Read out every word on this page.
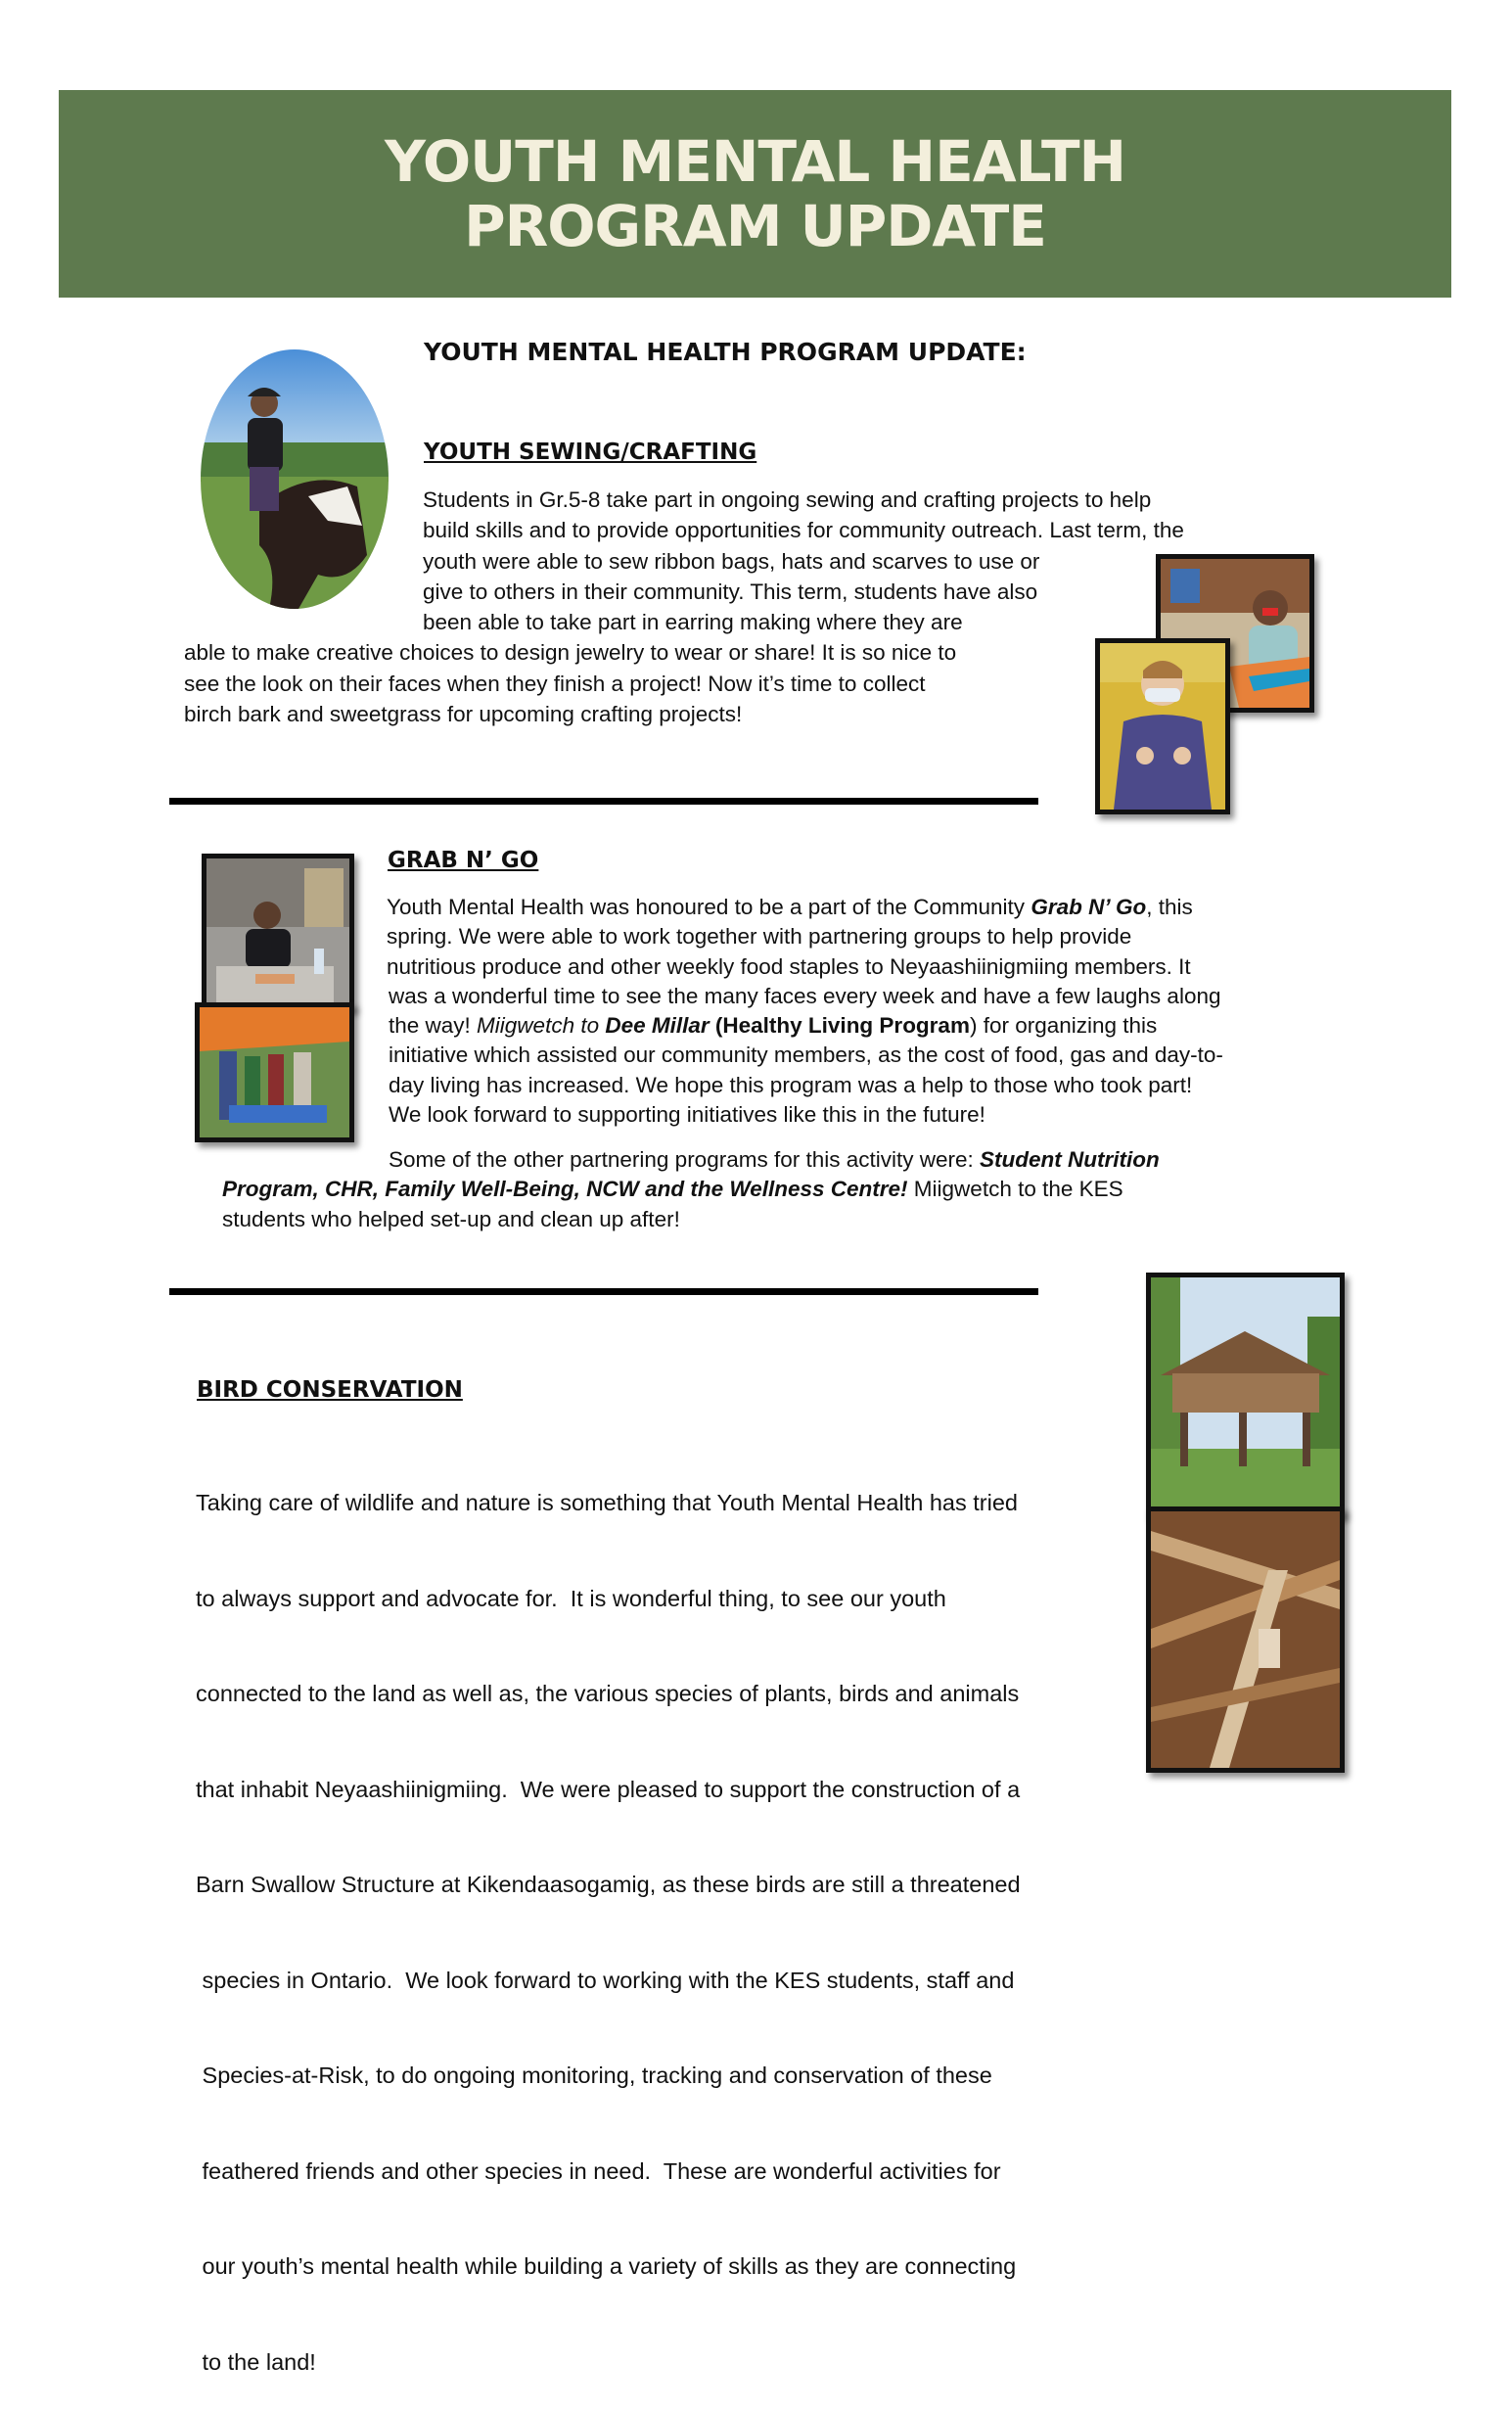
YOUTH MENTAL HEALTH
PROGRAM UPDATE
YOUTH MENTAL HEALTH PROGRAM UPDATE:
YOUTH SEWING/CRAFTING
Students in Gr.5-8 take part in ongoing sewing and crafting projects to help
build skills and to provide opportunities for community outreach. Last term, the
youth were able to sew ribbon bags, hats and scarves to use or
give to others in their community. This term, students have also
been able to take part in earring making where they are
able to make creative choices to design jewelry to wear or share! It is so nice to
see the look on their faces when they finish a project! Now it’s time to collect
birch bark and sweetgrass for upcoming crafting projects!
GRAB N’ GO
Youth Mental Health was honoured to be a part of the Community Grab N’ Go, this
spring. We were able to work together with partnering groups to help provide
nutritious produce and other weekly food staples to Neyaashiinigmiing members. It
was a wonderful time to see the many faces every week and have a few laughs along
the way! Miigwetch to Dee Millar (Healthy Living Program) for organizing this
initiative which assisted our community members, as the cost of food, gas and day-to-
day living has increased. We hope this program was a help to those who took part!
We look forward to supporting initiatives like this in the future!
Some of the other partnering programs for this activity were: Student Nutrition
Program, CHR, Family Well-Being, NCW and the Wellness Centre! Miigwetch to the KES
students who helped set-up and clean up after!
BIRD CONSERVATION

Taking care of wildlife and nature is something that Youth Mental Health has tried

to always support and advocate for.  It is wonderful thing, to see our youth

connected to the land as well as, the various species of plants, birds and animals

that inhabit Neyaashiinigmiing.  We were pleased to support the construction of a

Barn Swallow Structure at Kikendaasogamig, as these birds are still a threatened

species in Ontario.  We look forward to working with the KES students, staff and

Species-at-Risk, to do ongoing monitoring, tracking and conservation of these

feathered friends and other species in need.  These are wonderful activities for

our youth’s mental health while building a variety of skills as they are connecting

to the land!
